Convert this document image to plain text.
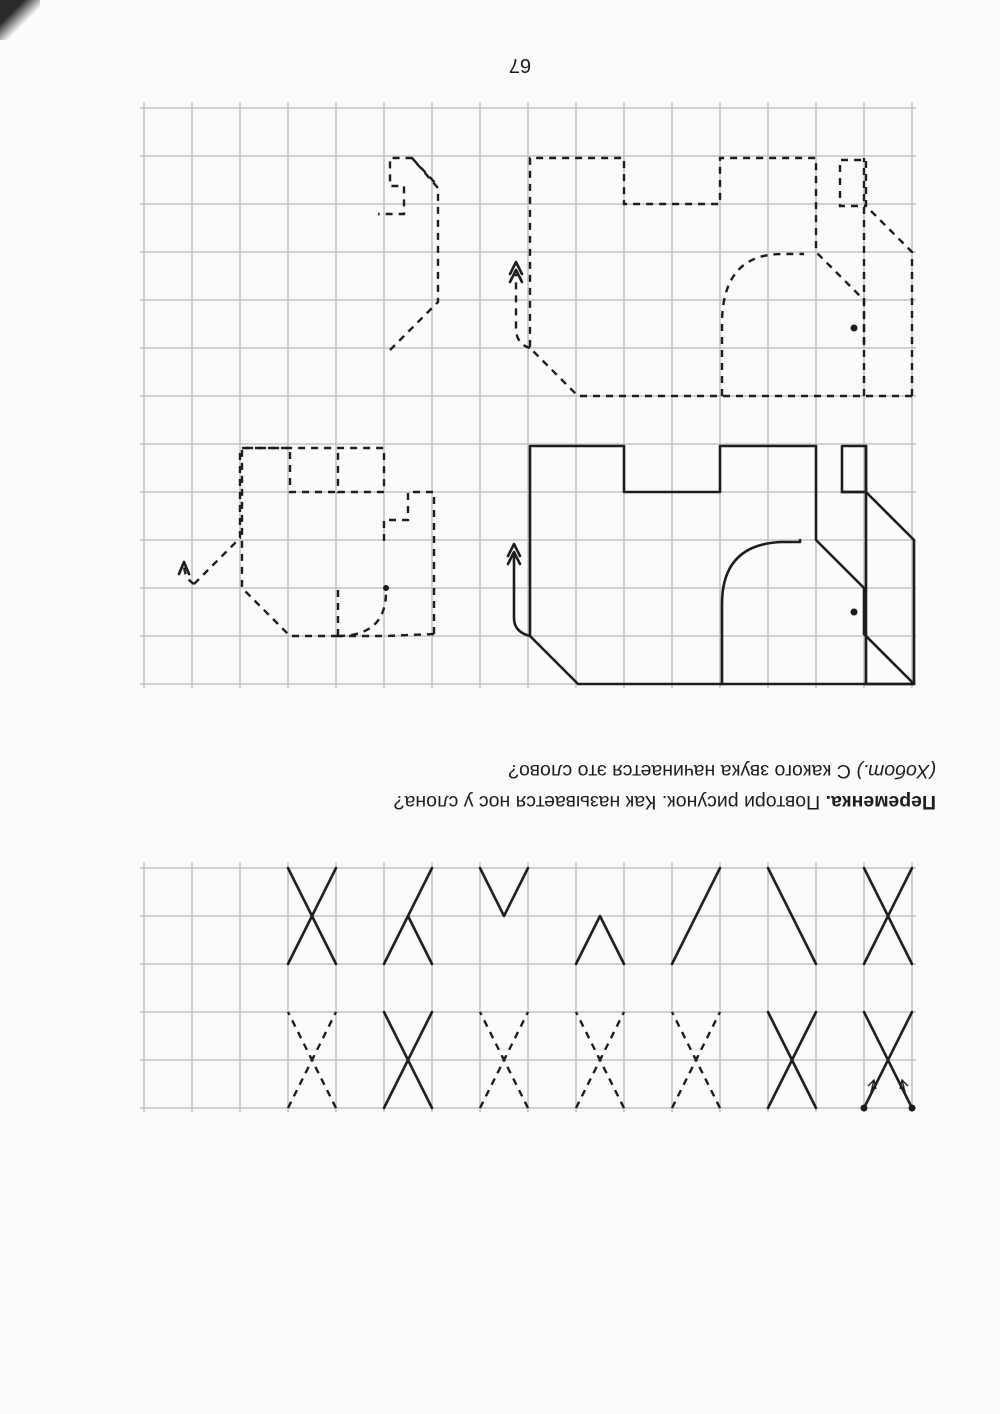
Переменка. Повтори рисунок. Как называется нос у слона?
(Хобот.) С какого звука начинается это слово?
67
